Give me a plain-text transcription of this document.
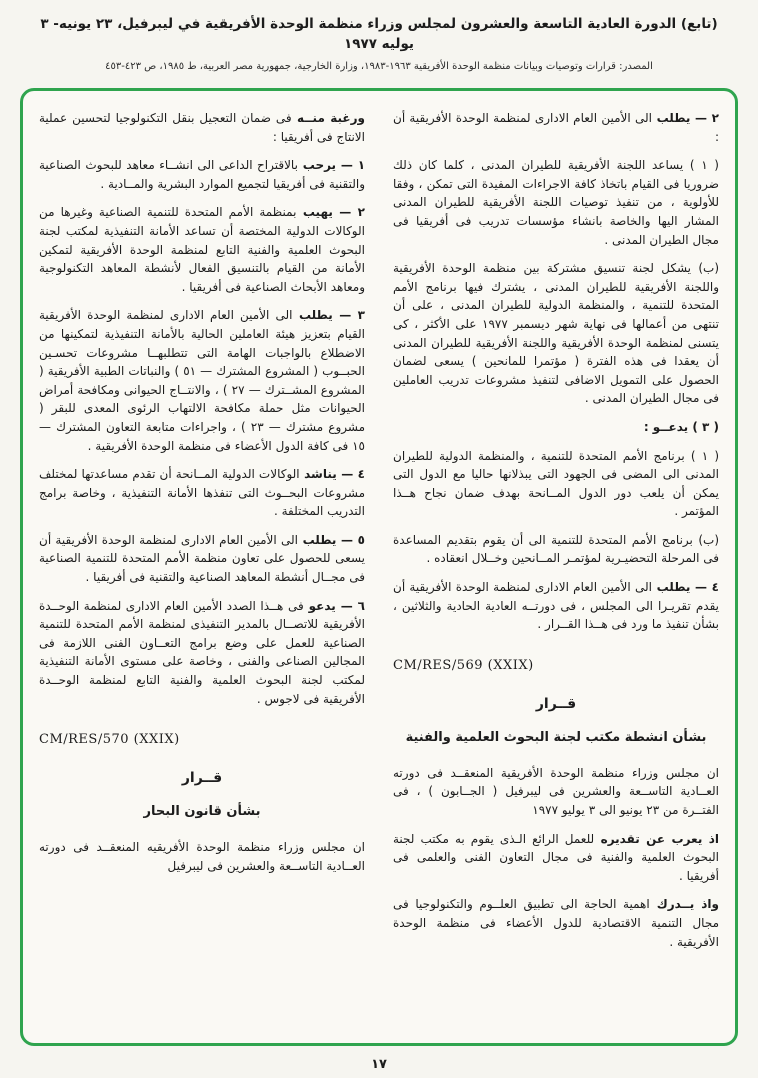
(تابع) الدورة العادية التاسعة والعشرون لمجلس وزراء منظمة الوحدة الأفريقية في ليبرفيل، ٢٣ يونيه- ٣ يوليه ١٩٧٧
المصدر: قرارات وتوصيات وبيانات منظمة الوحدة الأفريقية ١٩٦٣-١٩٨٣، وزارة الخارجية، جمهورية مصر العربية، ط ١٩٨٥، ص ٤٢٣-٤٥٣

٢ — يطلب الى الأمين العام الادارى لمنظمة الوحدة الأفريقية أن :

( ١ ) يساعد اللجنة الأفريقية للطيران المدنى ، كلما كان ذلك ضروريا فى القيام باتخاذ كافة الاجراءات المفيدة التى تمكن ، وفقا للأولوية ، من تنفيذ توصيات اللجنة الأفريقية للطيران المدنى المشار اليها والخاصة بانشاء مؤسسات تدريب فى أفريقيا فى مجال الطيران المدنى .

(ب) يشكل لجنة تنسيق مشتركة بين منظمة الوحدة الأفريقية واللجنة الأفريقية للطيران المدنى ، يشترك فيها برنامج الأمم المتحدة للتنمية ، والمنظمة الدولية للطيران المدنى ، على أن تنتهى من أعمالها فى نهاية شهر ديسمبر ١٩٧٧ على الأكثر ، كى يتسنى لمنظمة الوحدة الأفريقية واللجنة الأفريقية للطيران المدنى أن يعقدا فى هذه الفترة ( مؤتمرا للمانحين ) يسعى لضمان الحصول على التمويل الاضافى لتنفيذ مشروعات تدريب العاملين فى مجال الطيران المدنى .

( ٣ ) يدعــو :

( ١ ) برنامج الأمم المتحدة للتنمية ، والمنظمة الدولية للطيران المدنى الى المضى فى الجهود التى يبذلانها حاليا مع الدول التى يمكن أن يلعب دور الدول المــانحة بهدف ضمان نجاح هــذا المؤتمر .

(ب) برنامج الأمم المتحدة للتنمية الى أن يقوم بتقديم المساعدة فى المرحلة التحضيـرية لمؤتمـر المــانحين وخــلال انعقاده .

٤ — يطلب الى الأمين العام الادارى لمنظمة الوحدة الأفريقية أن يقدم تقريـرا الى المجلس ، فى دورتــه العادية الحادية والثلاثين ، بشأن تنفيذ ما ورد فى هــذا القــرار .

CM/RES/569 (XXIX)

قــرار

بشأن انشطة مكتب لجنة البحوث العلمية والفنية

ان مجلس وزراء منظمة الوحدة الأفريقية المنعقــد فى دورته العــادية التاســعة والعشرين فى ليبرفيل ( الجــابون ) ، فى الفتــرة من ٢٣ يونيو الى ٣ يوليو ١٩٧٧

اذ يعرب عن تقديره للعمل الرائع الـذى يقوم به مكتب لجنة البحوث العلمية والفنية فى مجال التعاون الفنى والعلمى فى أفريقيا .

واذ يــدرك اهمية الحاجة الى تطبيق العلــوم والتكنولوجيا فى مجال التنمية الاقتصادية للدول الأعضاء فى منظمة الوحدة الأفريقية .

ورغبة منــه فى ضمان التعجيل بنقل التكنولوجيا لتحسين عملية الانتاج فى أفريقيا :

١ — يرحب بالاقتراح الداعى الى انشــاء معاهد للبحوث الصناعية والتقنية فى أفريقيا لتجميع الموارد البشرية والمــادية .

٢ — يهيب بمنظمة الأمم المتحدة للتنمية الصناعية وغيرها من الوكالات الدولية المختصة أن تساعد الأمانة التنفيذية لمكتب لجنة البحوث العلمية والفنية التابع لمنظمة الوحدة الأفريقية لتمكين الأمانة من القيام بالتنسيق الفعال لأنشطة المعاهد التكنولوجية ومعاهد الأبحاث الصناعية فى أفريقيا .

٣ — يطلب الى الأمين العام الادارى لمنظمة الوحدة الأفريقية القيام بتعزيز هيئة العاملين الحالية بالأمانة التنفيذية لتمكينها من الاضطلاع بالواجبات الهامة التى تتطلبهــا مشروعات تحسـين الحبــوب ( المشروع المشترك — ٥١ ) والنباتات الطبية الأفريقية ( المشروع المشــترك — ٢٧ ) ، والانتــاج الحيوانى ومكافحة أمراض الحيوانات مثل حملة مكافحة الالتهاب الرئوى المعدى للبقر ( مشروع مشترك — ٢٣ ) ، واجراءات متابعة التعاون المشترك — ١٥ فى كافة الدول الأعضاء فى منظمة الوحدة الأفريقية .

٤ — يناشد الوكالات الدولية المــانحة أن تقدم مساعدتها لمختلف مشروعات البحــوث التى تنفذها الأمانة التنفيذية ، وخاصة برامج التدريب المختلفة .

٥ — يطلب الى الأمين العام الادارى لمنظمة الوحدة الأفريقية أن يسعى للحصول على تعاون منظمة الأمم المتحدة للتنمية الصناعية فى مجــال أنشطة المعاهد الصناعية والتقنية فى أفريقيا .

٦ — يدعو فى هــذا الصدد الأمين العام الادارى لمنظمة الوحــدة الأفريقية للاتصــال بالمدير التنفيذى لمنظمة الأمم المتحدة للتنمية الصناعية للعمل على وضع برامج التعــاون الفنى اللازمة فى المجالين الصناعى والفنى ، وخاصة على مستوى الأمانة التنفيذية لمكتب لجنة البحوث العلمية والفنية التابع لمنظمة الوحــدة الأفريقية فى لاجوس .

CM/RES/570 (XXIX)

قــرار

بشأن قانون البحار

ان مجلس وزراء منظمة الوحدة الأفريقيه المنعقــد فى دورته العــادية التاســعة والعشرين فى ليبرفيل

١٧
